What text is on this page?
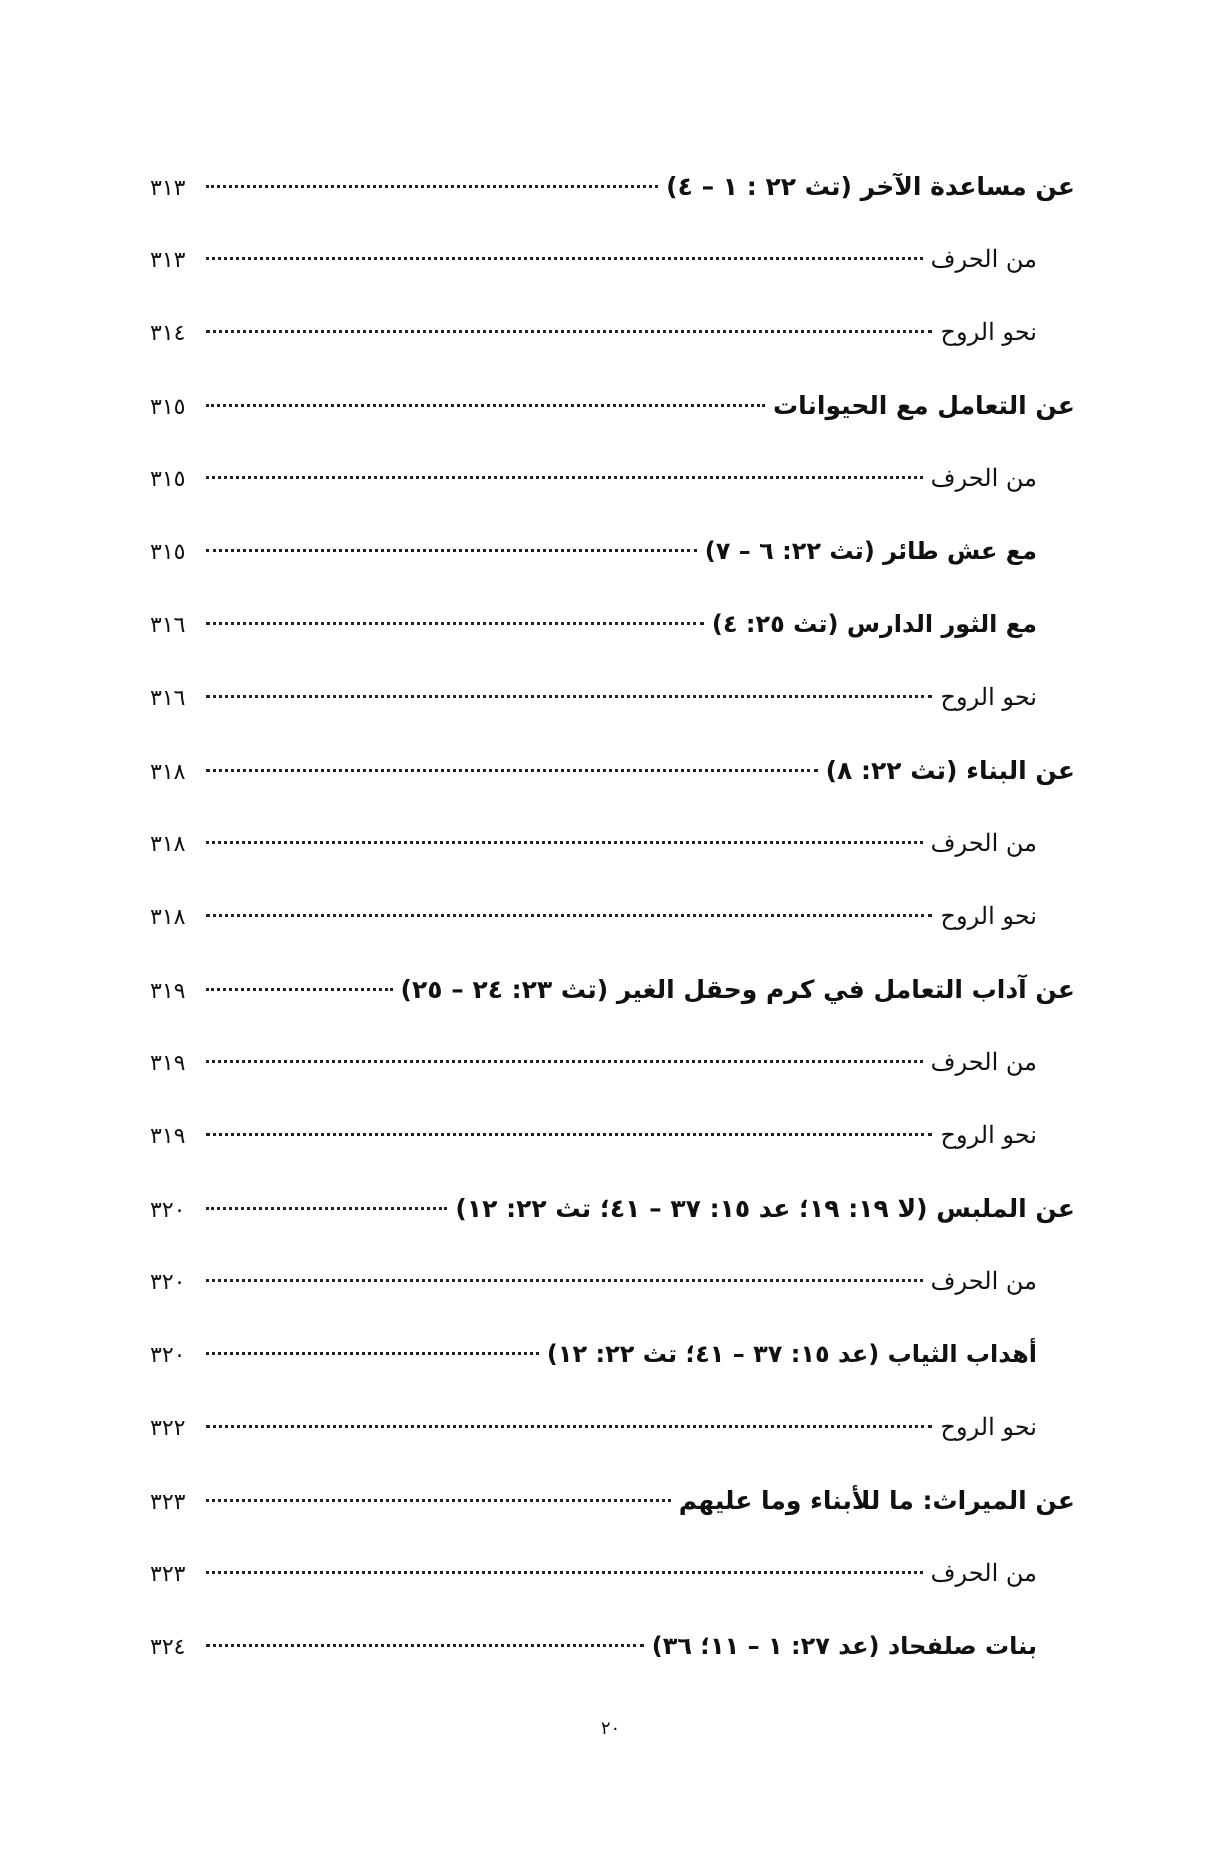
عن مساعدة الآخر (تث ٢٢ : ١ – ٤)
٣١٣
من الحرف
٣١٣
نحو الروح
٣١٤
عن التعامل مع الحيوانات
٣١٥
من الحرف
٣١٥
مع عش طائر (تث ٢٢: ٦ – ٧)
٣١٥
مع الثور الدارس (تث ٢٥: ٤)
٣١٦
نحو الروح
٣١٦
عن البناء (تث ٢٢: ٨)
٣١٨
من الحرف
٣١٨
نحو الروح
٣١٨
عن آداب التعامل في كرم وحقل الغير (تث ٢٣: ٢٤ – ٢٥)
٣١٩
من الحرف
٣١٩
نحو الروح
٣١٩
عن الملبس (لا ١٩: ١٩؛ عد ١٥: ٣٧ – ٤١؛ تث ٢٢: ١٢)
٣٢٠
من الحرف
٣٢٠
أهداب الثياب (عد ١٥: ٣٧ – ٤١؛ تث ٢٢: ١٢)
٣٢٠
نحو الروح
٣٢٢
عن الميراث: ما للأبناء وما عليهم
٣٢٣
من الحرف
٣٢٣
بنات صلفحاد (عد ٢٧: ١ – ١١؛ ٣٦)
٣٢٤
٢٠
